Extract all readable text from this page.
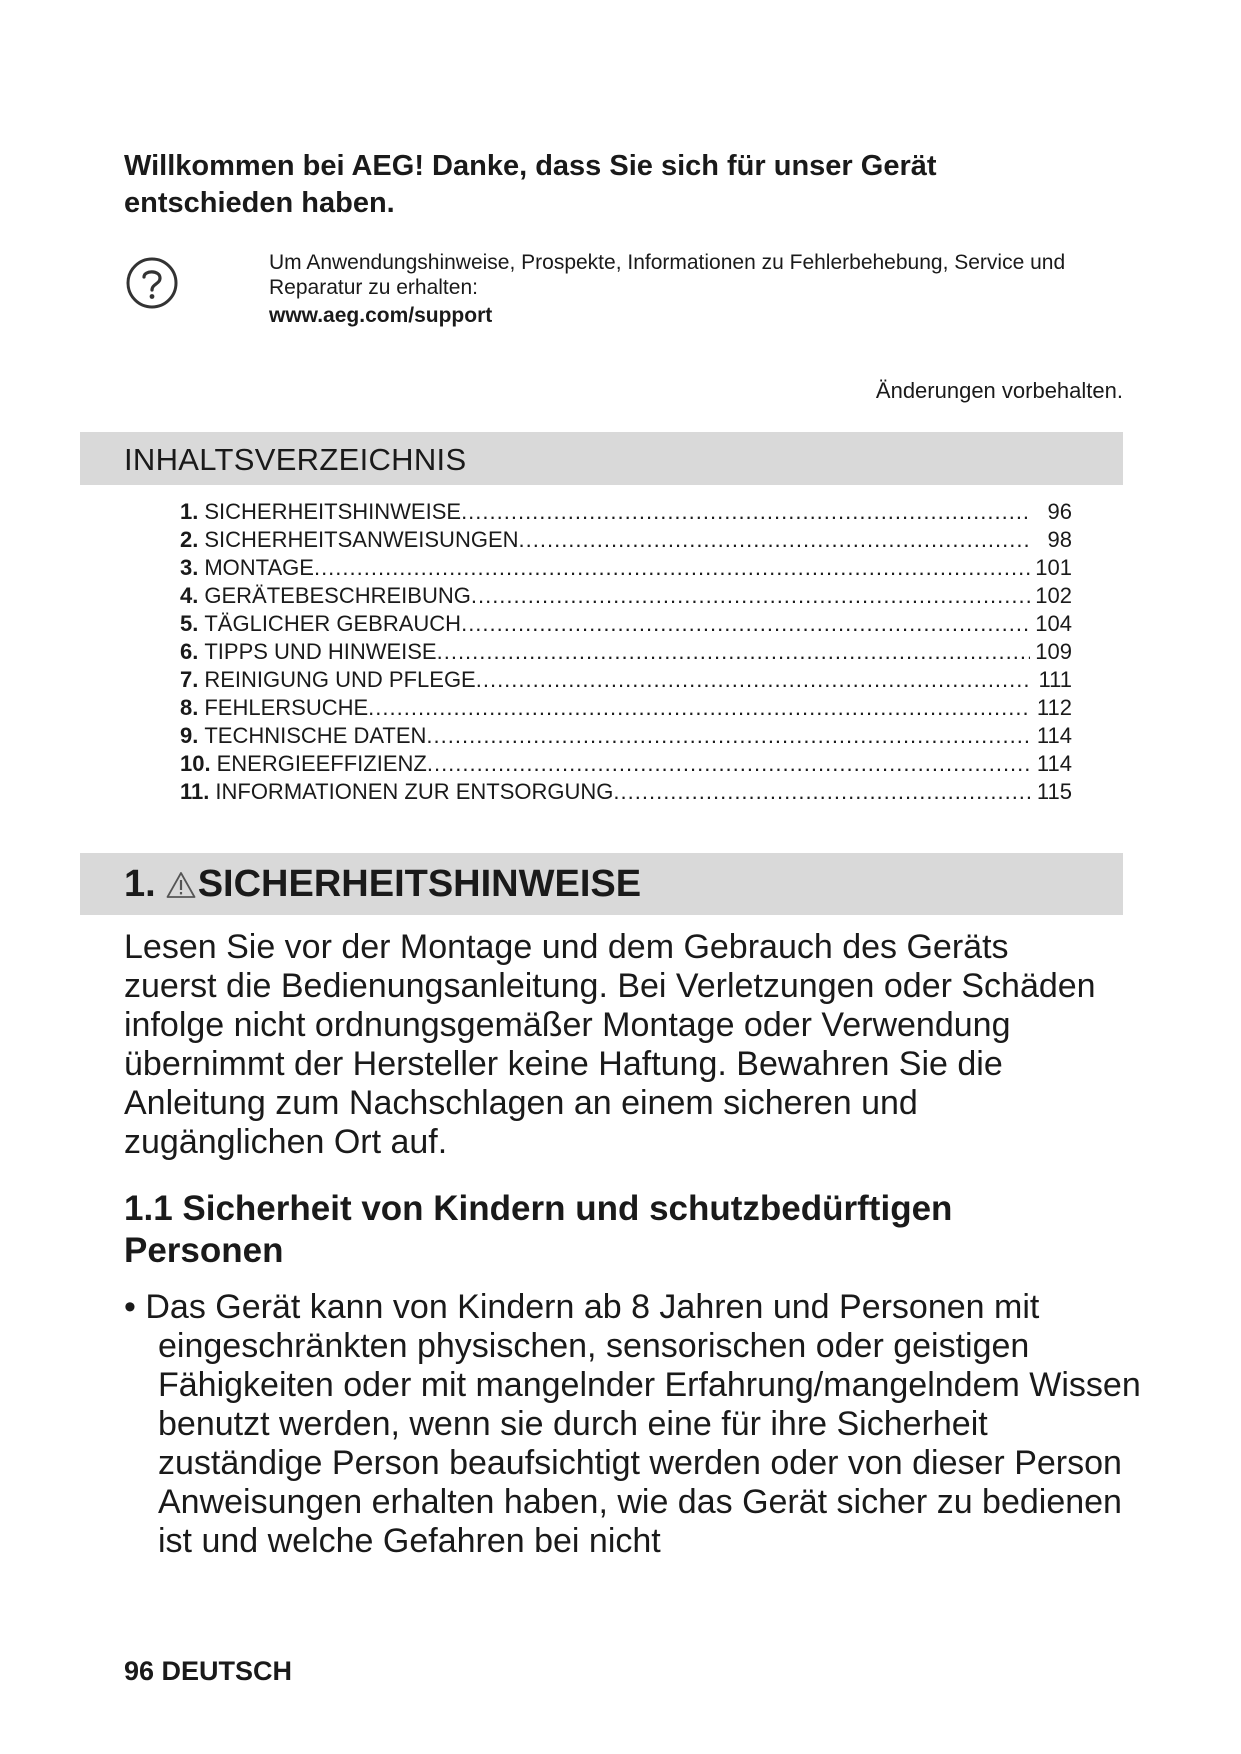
Willkommen bei AEG! Danke, dass Sie sich für unser Gerät entschieden haben.
Um Anwendungshinweise, Prospekte, Informationen zu Fehlerbehebung, Service und Reparatur zu erhalten:
www.aeg.com/support
Änderungen vorbehalten.
INHALTSVERZEICHNIS
1. SICHERHEITSHINWEISE .....	96
2. SICHERHEITSANWEISUNGEN .....	98
3. MONTAGE .....	101
4. GERÄTEBESCHREIBUNG .....	102
5. TÄGLICHER GEBRAUCH .....	104
6. TIPPS UND HINWEISE .....	109
7. REINIGUNG UND PFLEGE .....	111
8. FEHLERSUCHE .....	112
9. TECHNISCHE DATEN .....	114
10. ENERGIEEFFIZIENZ .....	114
11. INFORMATIONEN ZUR ENTSORGUNG .....	115
1. SICHERHEITSHINWEISE

Lesen Sie vor der Montage und dem Gebrauch des Geräts zuerst die Bedienungsanleitung. Bei Verletzungen oder Schäden infolge nicht ordnungsgemäßer Montage oder Verwendung übernimmt der Hersteller keine Haftung. Bewahren Sie die Anleitung zum Nachschlagen an einem sicheren und zugänglichen Ort auf.

1.1 Sicherheit von Kindern und schutzbedürftigen Personen

• Das Gerät kann von Kindern ab 8 Jahren und Personen mit eingeschränkten physischen, sensorischen oder geistigen Fähigkeiten oder mit mangelnder Erfahrung/mangelndem Wissen benutzt werden, wenn sie durch eine für ihre Sicherheit zuständige Person beaufsichtigt werden oder von dieser Person Anweisungen erhalten haben, wie das Gerät sicher zu bedienen ist und welche Gefahren bei nicht

96 DEUTSCH
